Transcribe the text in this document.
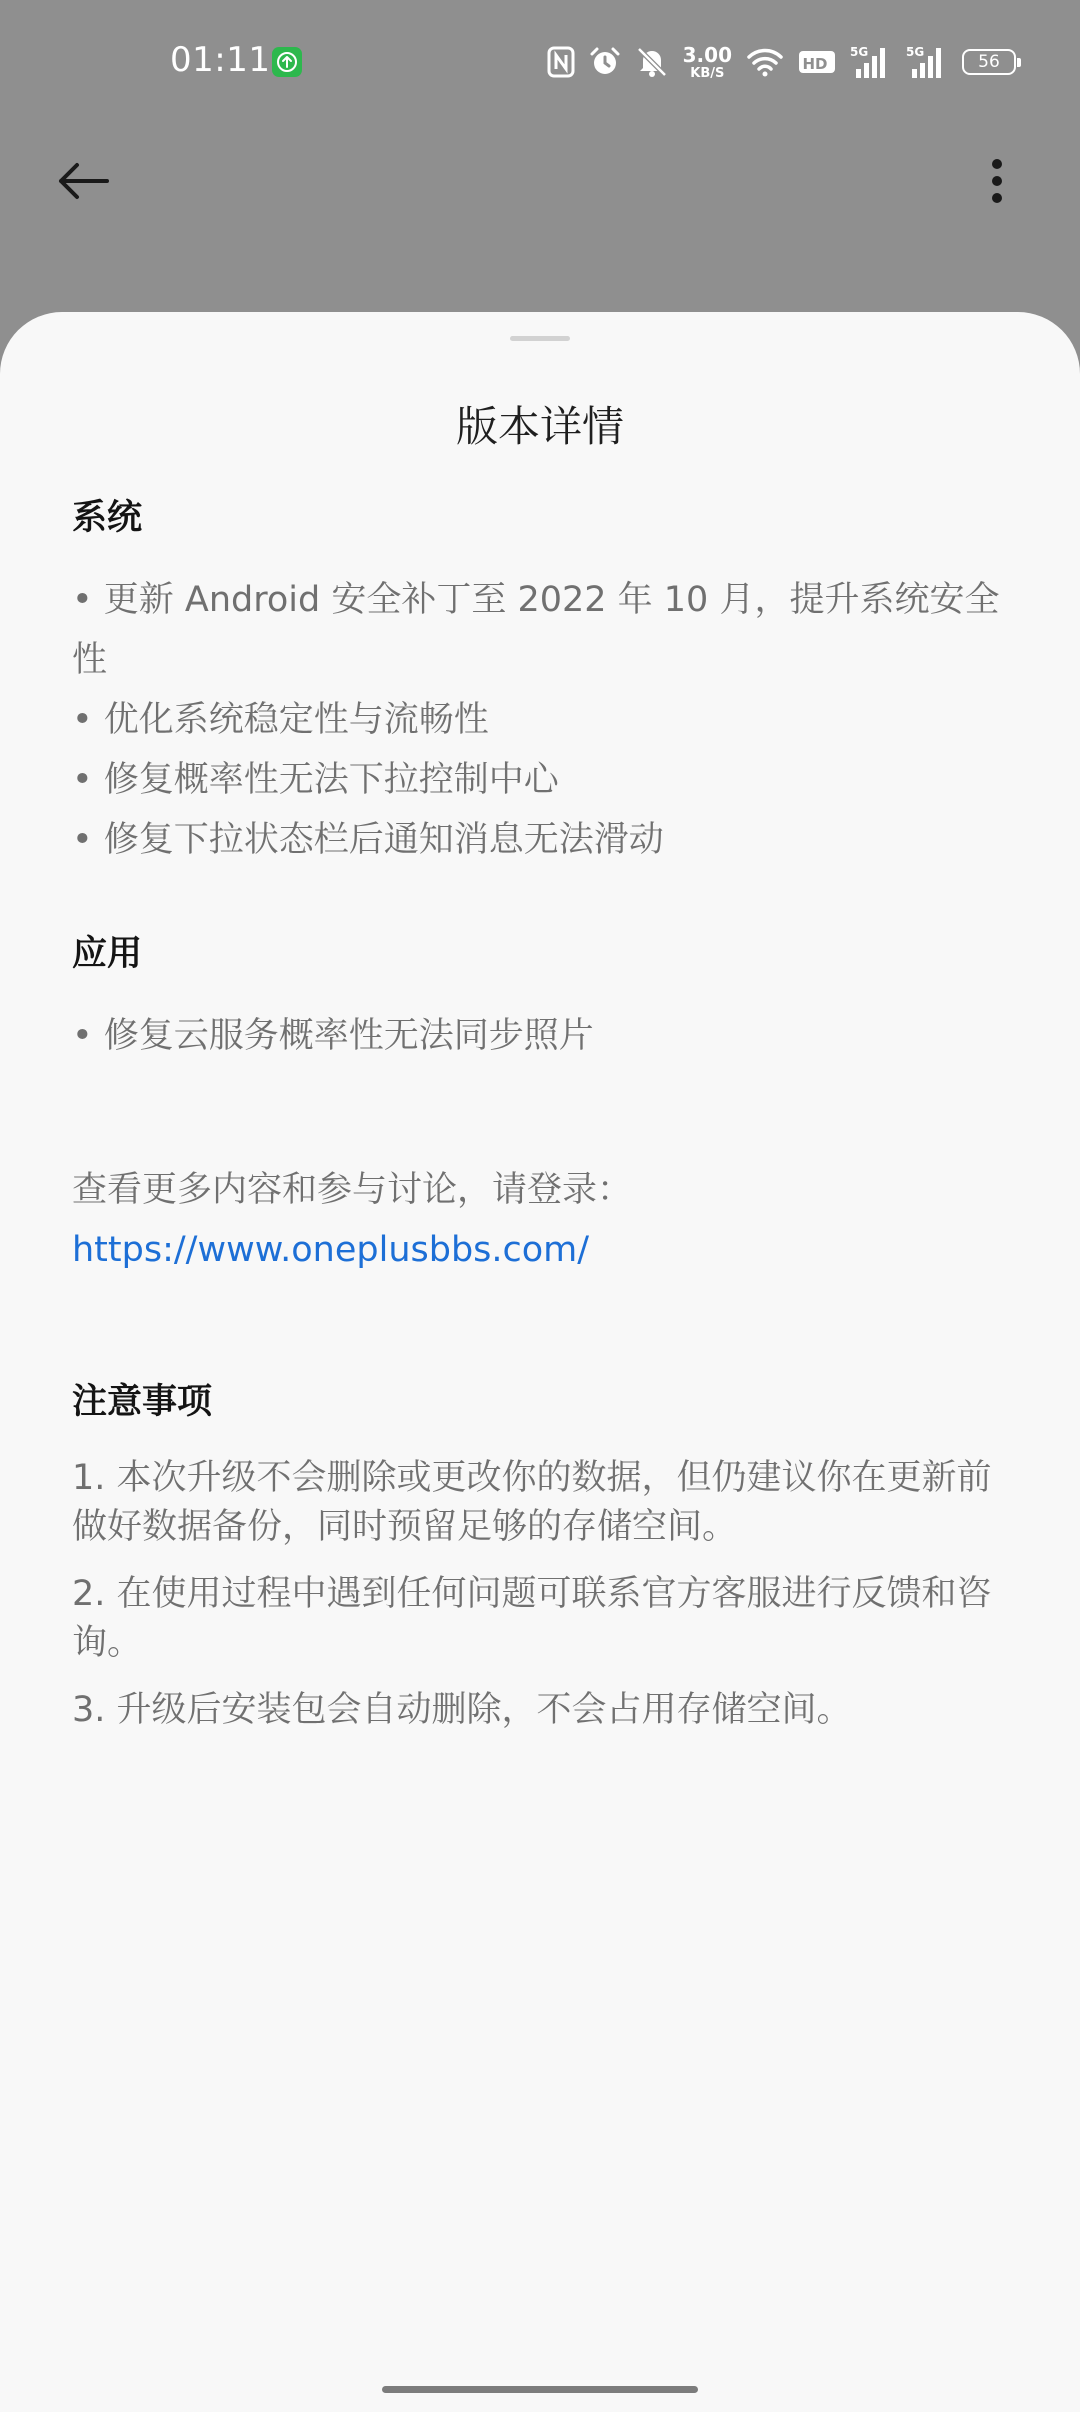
01:11	3.00
KB/S	HD
5G	5G	56
版本详情
系统
• 更新 Android 安全补丁至 2022 年 10 月，提升系统安全性
• 优化系统稳定性与流畅性
• 修复概率性无法下拉控制中心
• 修复下拉状态栏后通知消息无法滑动
应用
• 修复云服务概率性无法同步照片
查看更多内容和参与讨论，请登录：
https://www.oneplusbbs.com/
注意事项
1. 本次升级不会删除或更改你的数据，但仍建议你在更新前做好数据备份，同时预留足够的存储空间。
2. 在使用过程中遇到任何问题可联系官方客服进行反馈和咨询。
3. 升级后安装包会自动删除，不会占用存储空间。
